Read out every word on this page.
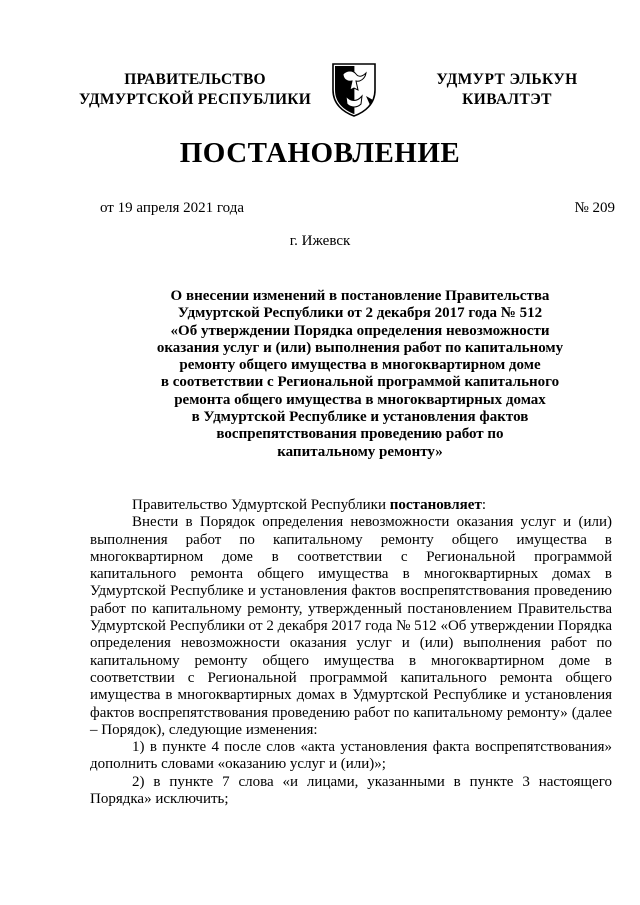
ПРАВИТЕЛЬСТВО
УДМУРТСКОЙ РЕСПУБЛИКИ
УДМУРТ ЭЛЬКУН
КИВАЛТЭТ
ПОСТАНОВЛЕНИЕ
от 19 апреля 2021 года	№ 209
г. Ижевск
О внесении изменений в постановление Правительства
Удмуртской Республики от 2 декабря 2017 года № 512
«Об утверждении Порядка определения невозможности
оказания услуг и (или) выполнения работ по капитальному
ремонту общего имущества в многоквартирном доме
в соответствии с Региональной программой капитального
ремонта общего имущества в многоквартирных домах
в Удмуртской Республике и установления фактов
воспрепятствования проведению работ по
капитальному ремонту»

Правительство Удмуртской Республики постановляет:

Внести в Порядок определения невозможности оказания услуг и (или) выполнения работ по капитальному ремонту общего имущества в многоквартирном доме в соответствии с Региональной программой капитального ремонта общего имущества в многоквартирных домах в Удмуртской Республике и установления фактов воспрепятствования проведению работ по капитальному ремонту, утвержденный постановлением Правительства Удмуртской Республики от 2 декабря 2017 года № 512 «Об утверждении Порядка определения невозможности оказания услуг и (или) выполнения работ по капитальному ремонту общего имущества в многоквартирном доме в соответствии с Региональной программой капитального ремонта общего имущества в многоквартирных домах в Удмуртской Республике и установления фактов воспрепятствования проведению работ по капитальному ремонту» (далее – Порядок), следующие изменения:

1) в пункте 4 после слов «акта установления факта воспрепятствования» дополнить словами «оказанию услуг и (или)»;

2) в пункте 7 слова «и лицами, указанными в пункте 3 настоящего Порядка» исключить;
